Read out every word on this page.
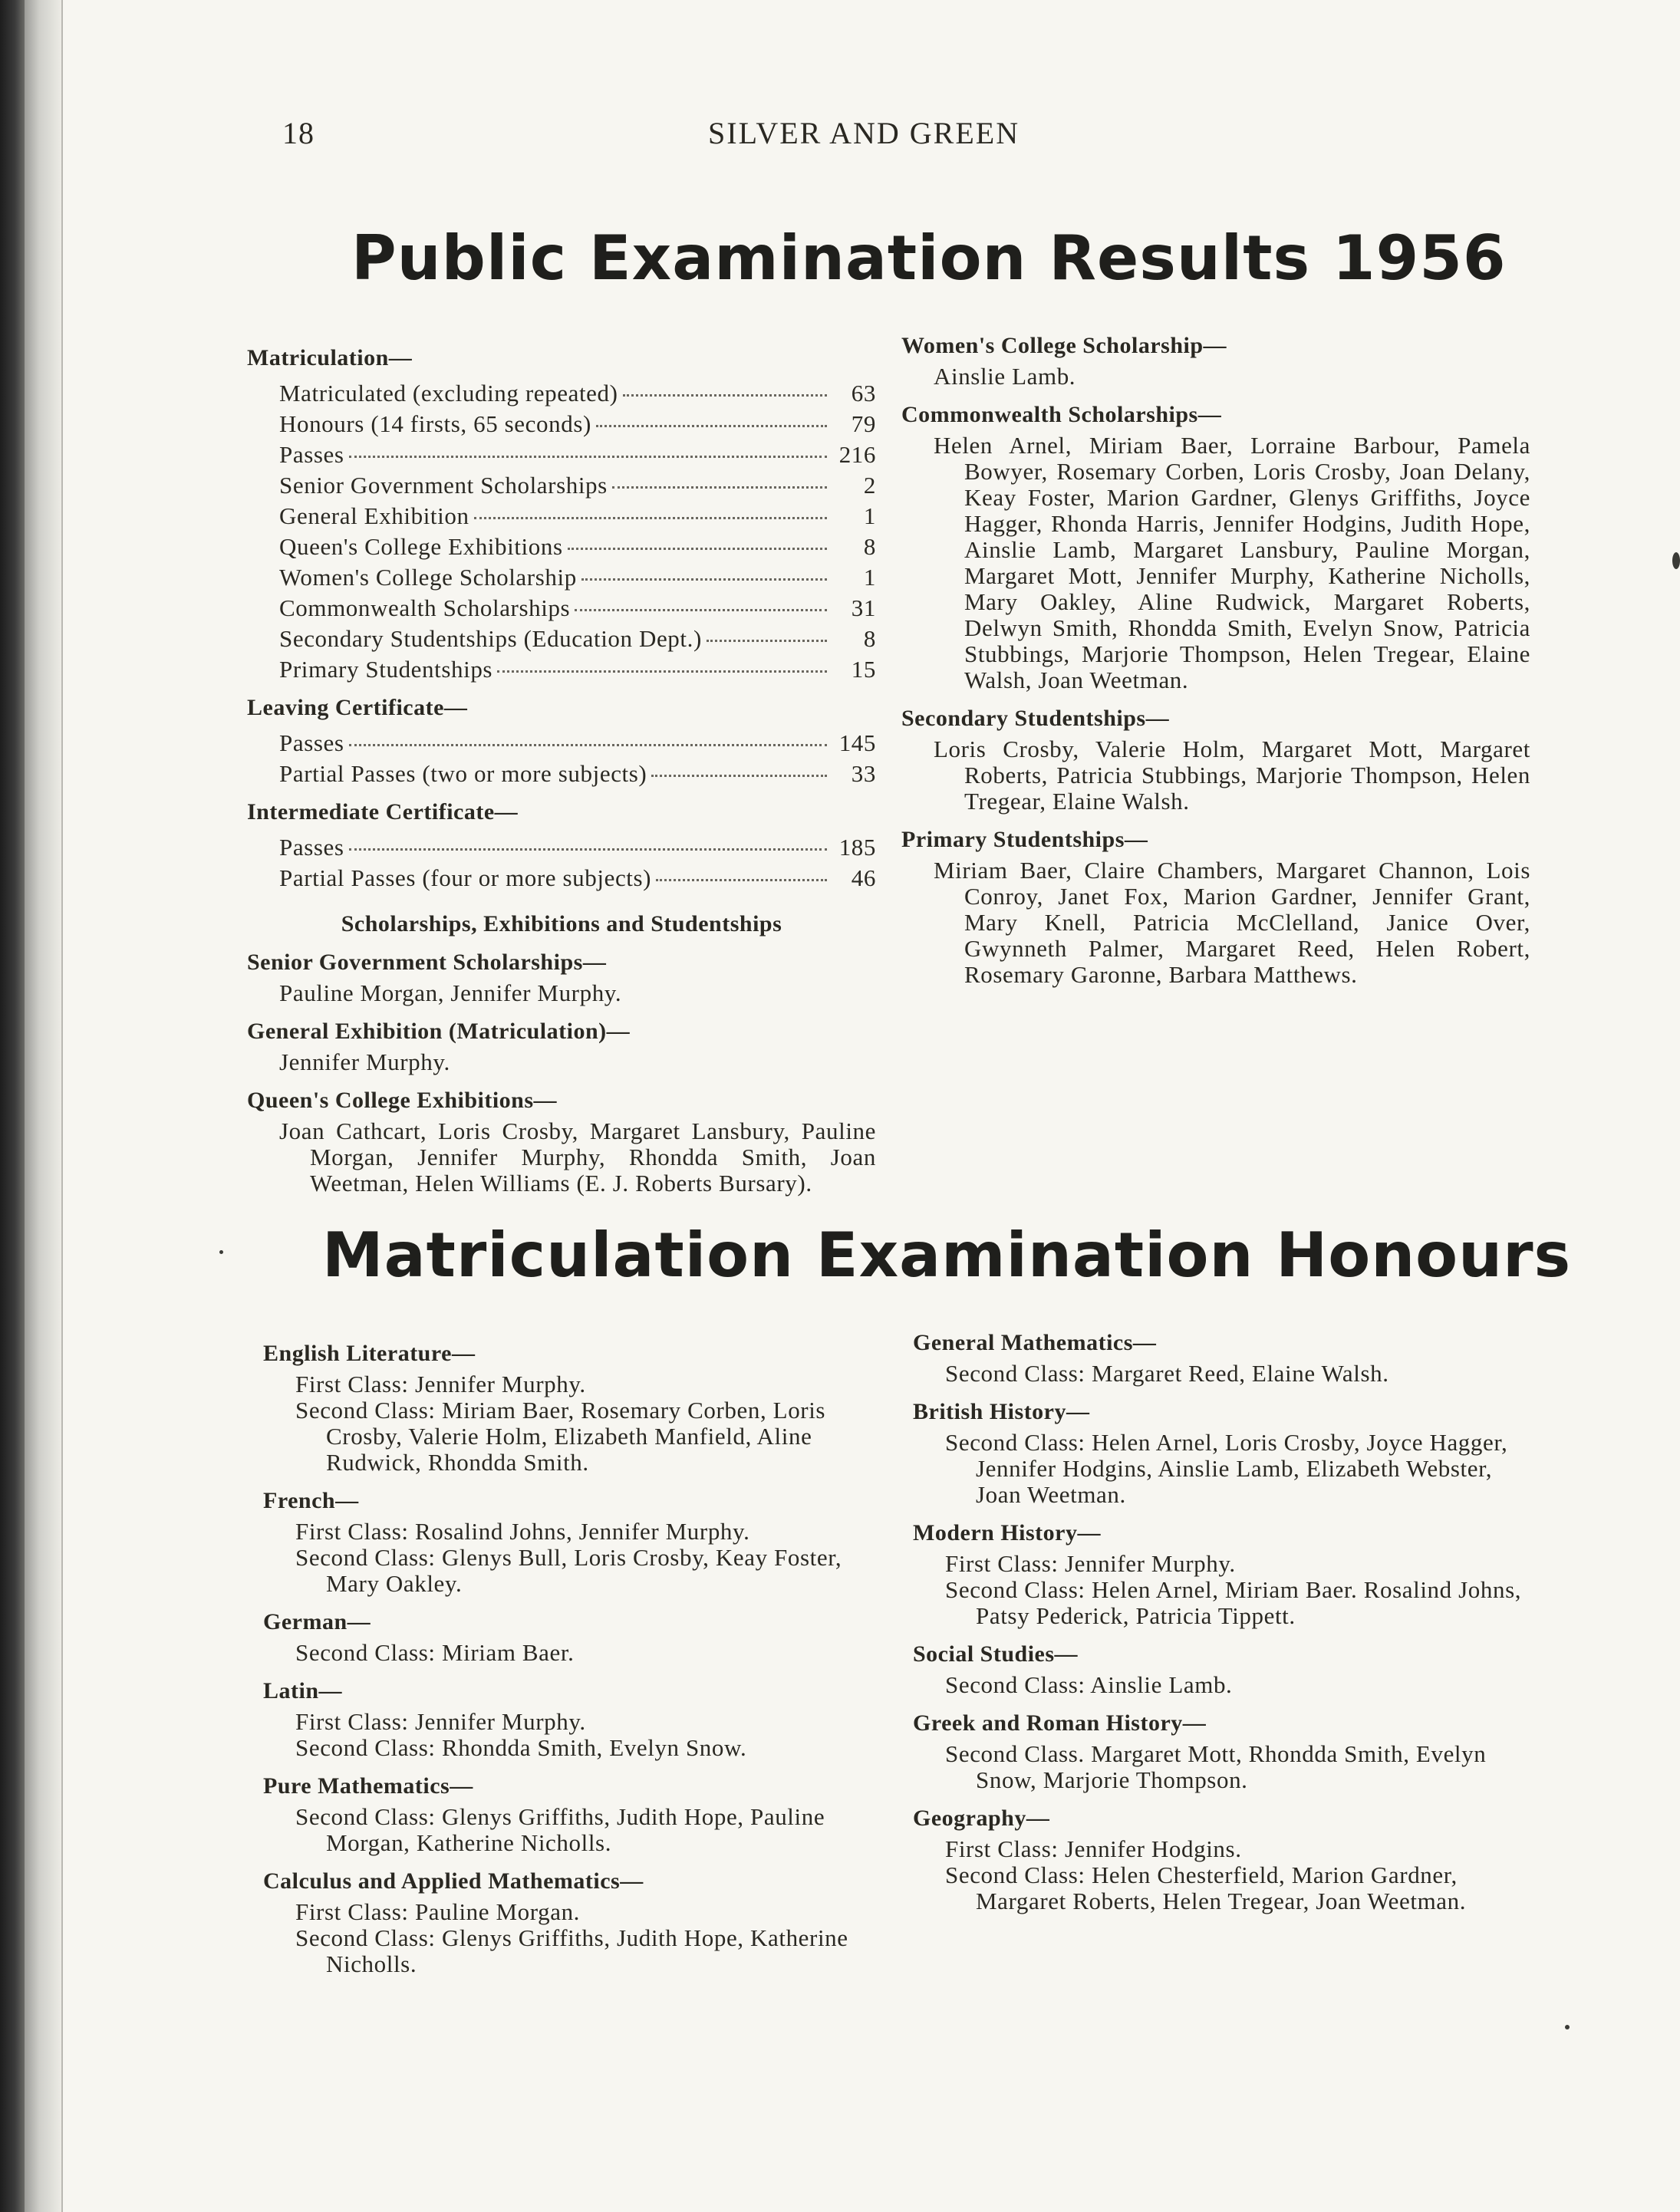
18	SILVER AND GREEN
Public Examination Results 1956
Matriculation—
Matriculated (excluding repeated)	63
Honours (14 firsts, 65 seconds)	79
Passes	216
Senior Government Scholarships	2
General Exhibition	1
Queen's College Exhibitions	8
Women's College Scholarship	1
Commonwealth Scholarships	31
Secondary Studentships (Education Dept.)	8
Primary Studentships	15
Leaving Certificate—
Passes	145
Partial Passes (two or more subjects)	33
Intermediate Certificate—
Passes	185
Partial Passes (four or more subjects)	46
Scholarships, Exhibitions and Studentships
Senior Government Scholarships—
Pauline Morgan, Jennifer Murphy.
General Exhibition (Matriculation)—
Jennifer Murphy.
Queen's College Exhibitions—
Joan Cathcart, Loris Crosby, Margaret Lansbury, Pauline Morgan, Jennifer Murphy, Rhondda Smith, Joan Weetman, Helen Williams (E. J. Roberts Bursary).
Women's College Scholarship—
Ainslie Lamb.
Commonwealth Scholarships—
Helen Arnel, Miriam Baer, Lorraine Barbour, Pamela Bowyer, Rosemary Corben, Loris Crosby, Joan Delany, Keay Foster, Marion Gardner, Glenys Griffiths, Joyce Hagger, Rhonda Harris, Jennifer Hodgins, Judith Hope, Ainslie Lamb, Margaret Lansbury, Pauline Morgan, Margaret Mott, Jennifer Murphy, Katherine Nicholls, Mary Oakley, Aline Rudwick, Margaret Roberts, Delwyn Smith, Rhondda Smith, Evelyn Snow, Patricia Stubbings, Marjorie Thompson, Helen Tregear, Elaine Walsh, Joan Weetman.
Secondary Studentships—
Loris Crosby, Valerie Holm, Margaret Mott, Margaret Roberts, Patricia Stubbings, Marjorie Thompson, Helen Tregear, Elaine Walsh.
Primary Studentships—
Miriam Baer, Claire Chambers, Margaret Channon, Lois Conroy, Janet Fox, Marion Gardner, Jennifer Grant, Mary Knell, Patricia McClelland, Janice Over, Gwynneth Palmer, Margaret Reed, Helen Robert, Rosemary Garonne, Barbara Matthews.
Matriculation Examination Honours
English Literature—
First Class: Jennifer Murphy.
Second Class: Miriam Baer, Rosemary Corben, Loris Crosby, Valerie Holm, Elizabeth Manfield, Aline Rudwick, Rhondda Smith.
French—
First Class: Rosalind Johns, Jennifer Murphy.
Second Class: Glenys Bull, Loris Crosby, Keay Foster, Mary Oakley.
German—
Second Class: Miriam Baer.
Latin—
First Class: Jennifer Murphy.
Second Class: Rhondda Smith, Evelyn Snow.
Pure Mathematics—
Second Class: Glenys Griffiths, Judith Hope, Pauline Morgan, Katherine Nicholls.
Calculus and Applied Mathematics—
First Class: Pauline Morgan.
Second Class: Glenys Griffiths, Judith Hope, Katherine Nicholls.
General Mathematics—
Second Class: Margaret Reed, Elaine Walsh.
British History—
Second Class: Helen Arnel, Loris Crosby, Joyce Hagger, Jennifer Hodgins, Ainslie Lamb, Elizabeth Webster, Joan Weetman.
Modern History—
First Class: Jennifer Murphy.
Second Class: Helen Arnel, Miriam Baer. Rosalind Johns, Patsy Pederick, Patricia Tippett.
Social Studies—
Second Class: Ainslie Lamb.
Greek and Roman History—
Second Class. Margaret Mott, Rhondda Smith, Evelyn Snow, Marjorie Thompson.
Geography—
First Class: Jennifer Hodgins.
Second Class: Helen Chesterfield, Marion Gardner, Margaret Roberts, Helen Tregear, Joan Weetman.
